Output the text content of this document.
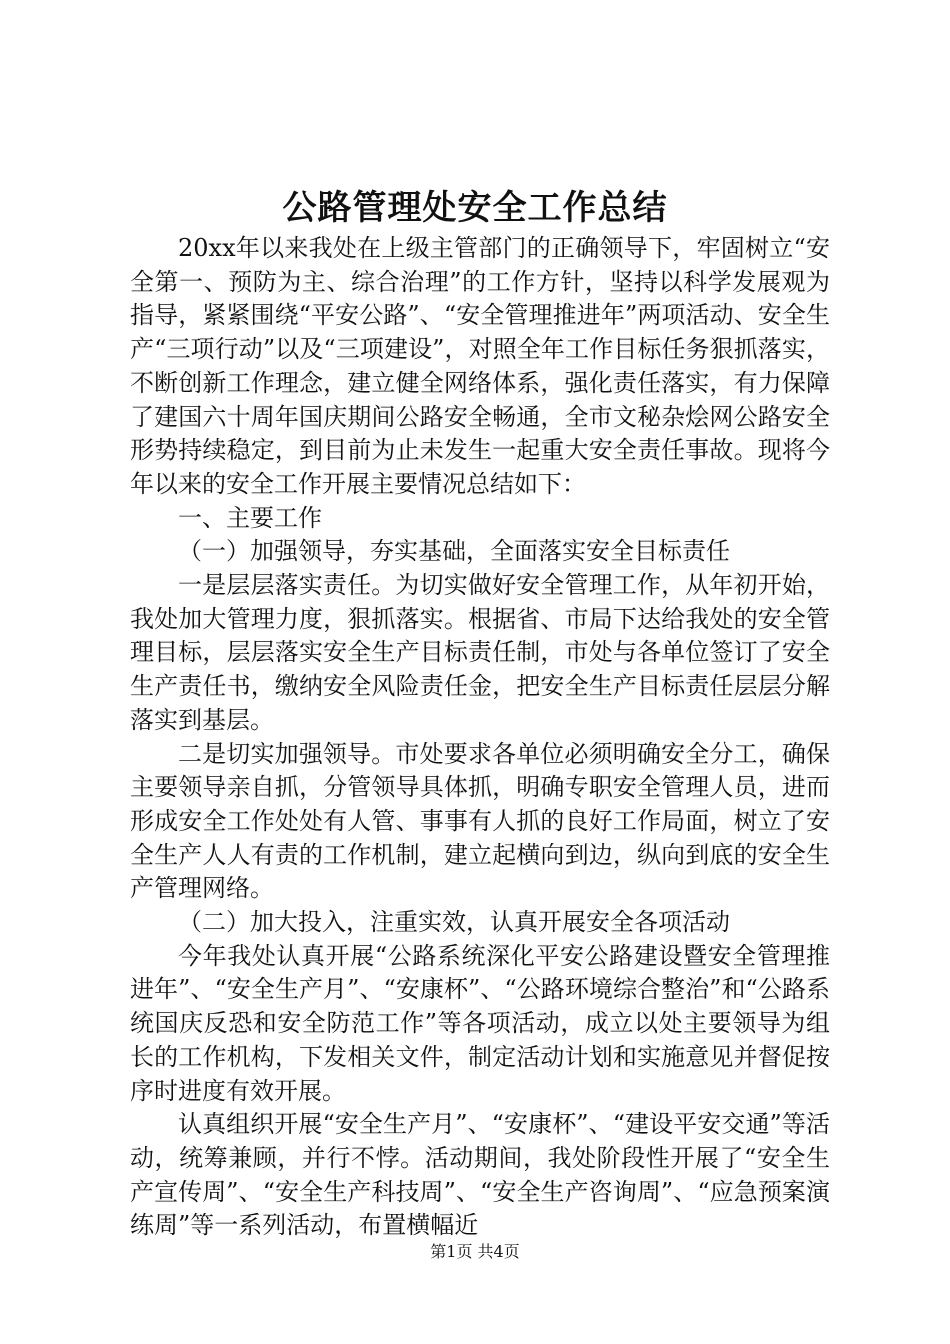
公路管理处安全工作总结

20xx年以来我处在上级主管部门的正确领导下，牢固树立“安全第一、预防为主、综合治理”的工作方针，坚持以科学发展观为指导，紧紧围绕“平安公路”、“安全管理推进年”两项活动、安全生产“三项行动”以及“三项建设”，对照全年工作目标任务狠抓落实，不断创新工作理念，建立健全网络体系，强化责任落实，有力保障了建国六十周年国庆期间公路安全畅通，全市文秘杂烩网公路安全形势持续稳定，到目前为止未发生一起重大安全责任事故。现将今年以来的安全工作开展主要情况总结如下：

一、主要工作

（一）加强领导，夯实基础，全面落实安全目标责任

一是层层落实责任。为切实做好安全管理工作，从年初开始，我处加大管理力度，狠抓落实。根据省、市局下达给我处的安全管理目标，层层落实安全生产目标责任制，市处与各单位签订了安全生产责任书，缴纳安全风险责任金，把安全生产目标责任层层分解落实到基层。

二是切实加强领导。市处要求各单位必须明确安全分工，确保主要领导亲自抓，分管领导具体抓，明确专职安全管理人员，进而形成安全工作处处有人管、事事有人抓的良好工作局面，树立了安全生产人人有责的工作机制，建立起横向到边，纵向到底的安全生产管理网络。

（二）加大投入，注重实效，认真开展安全各项活动

今年我处认真开展“公路系统深化平安公路建设暨安全管理推进年”、“安全生产月”、“安康杯”、“公路环境综合整治”和“公路系统国庆反恐和安全防范工作”等各项活动，成立以处主要领导为组长的工作机构，下发相关文件，制定活动计划和实施意见并督促按序时进度有效开展。

认真组织开展“安全生产月”、“安康杯”、“建设平安交通”等活动，统筹兼顾，并行不悖。活动期间，我处阶段性开展了“安全生产宣传周”、“安全生产科技周”、“安全生产咨询周”、“应急预案演练周”等一系列活动，布置横幅近

第1页 共4页
